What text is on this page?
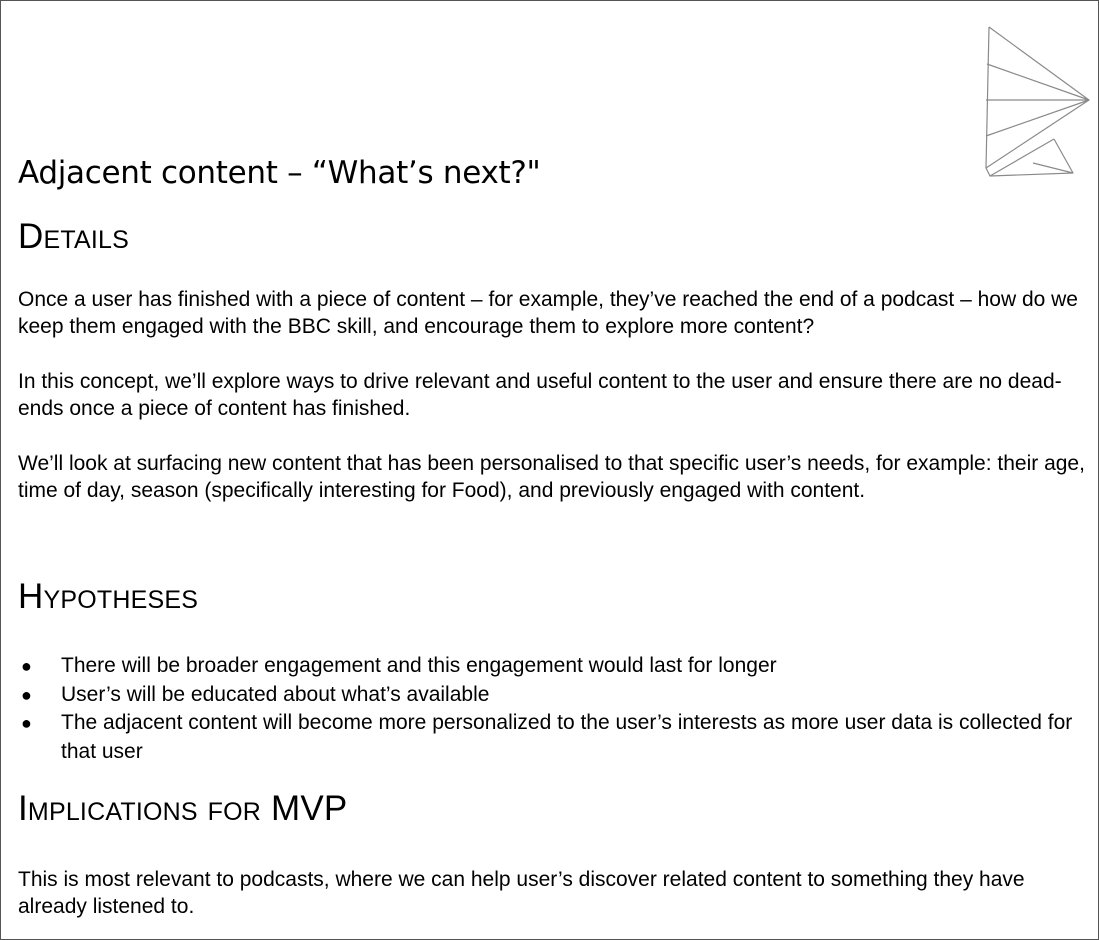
Adjacent content – “What’s next?"
Details
Once a user has finished with a piece of content – for example, they’ve reached the end of a podcast – how do we keep them engaged with the BBC skill, and encourage them to explore more content?
In this concept, we’ll explore ways to drive relevant and useful content to the user and ensure there are no dead-ends once a piece of content has finished.
We’ll look at surfacing new content that has been personalised to that specific user’s needs, for example: their age, time of day, season (specifically interesting for Food), and previously engaged with content.
Hypotheses
● There will be broader engagement and this engagement would last for longer
● User’s will be educated about what’s available
● The adjacent content will become more personalized to the user’s interests as more user data is collected for that user
Implications for MVP
This is most relevant to podcasts, where we can help user’s discover related content to something they have already listened to.
